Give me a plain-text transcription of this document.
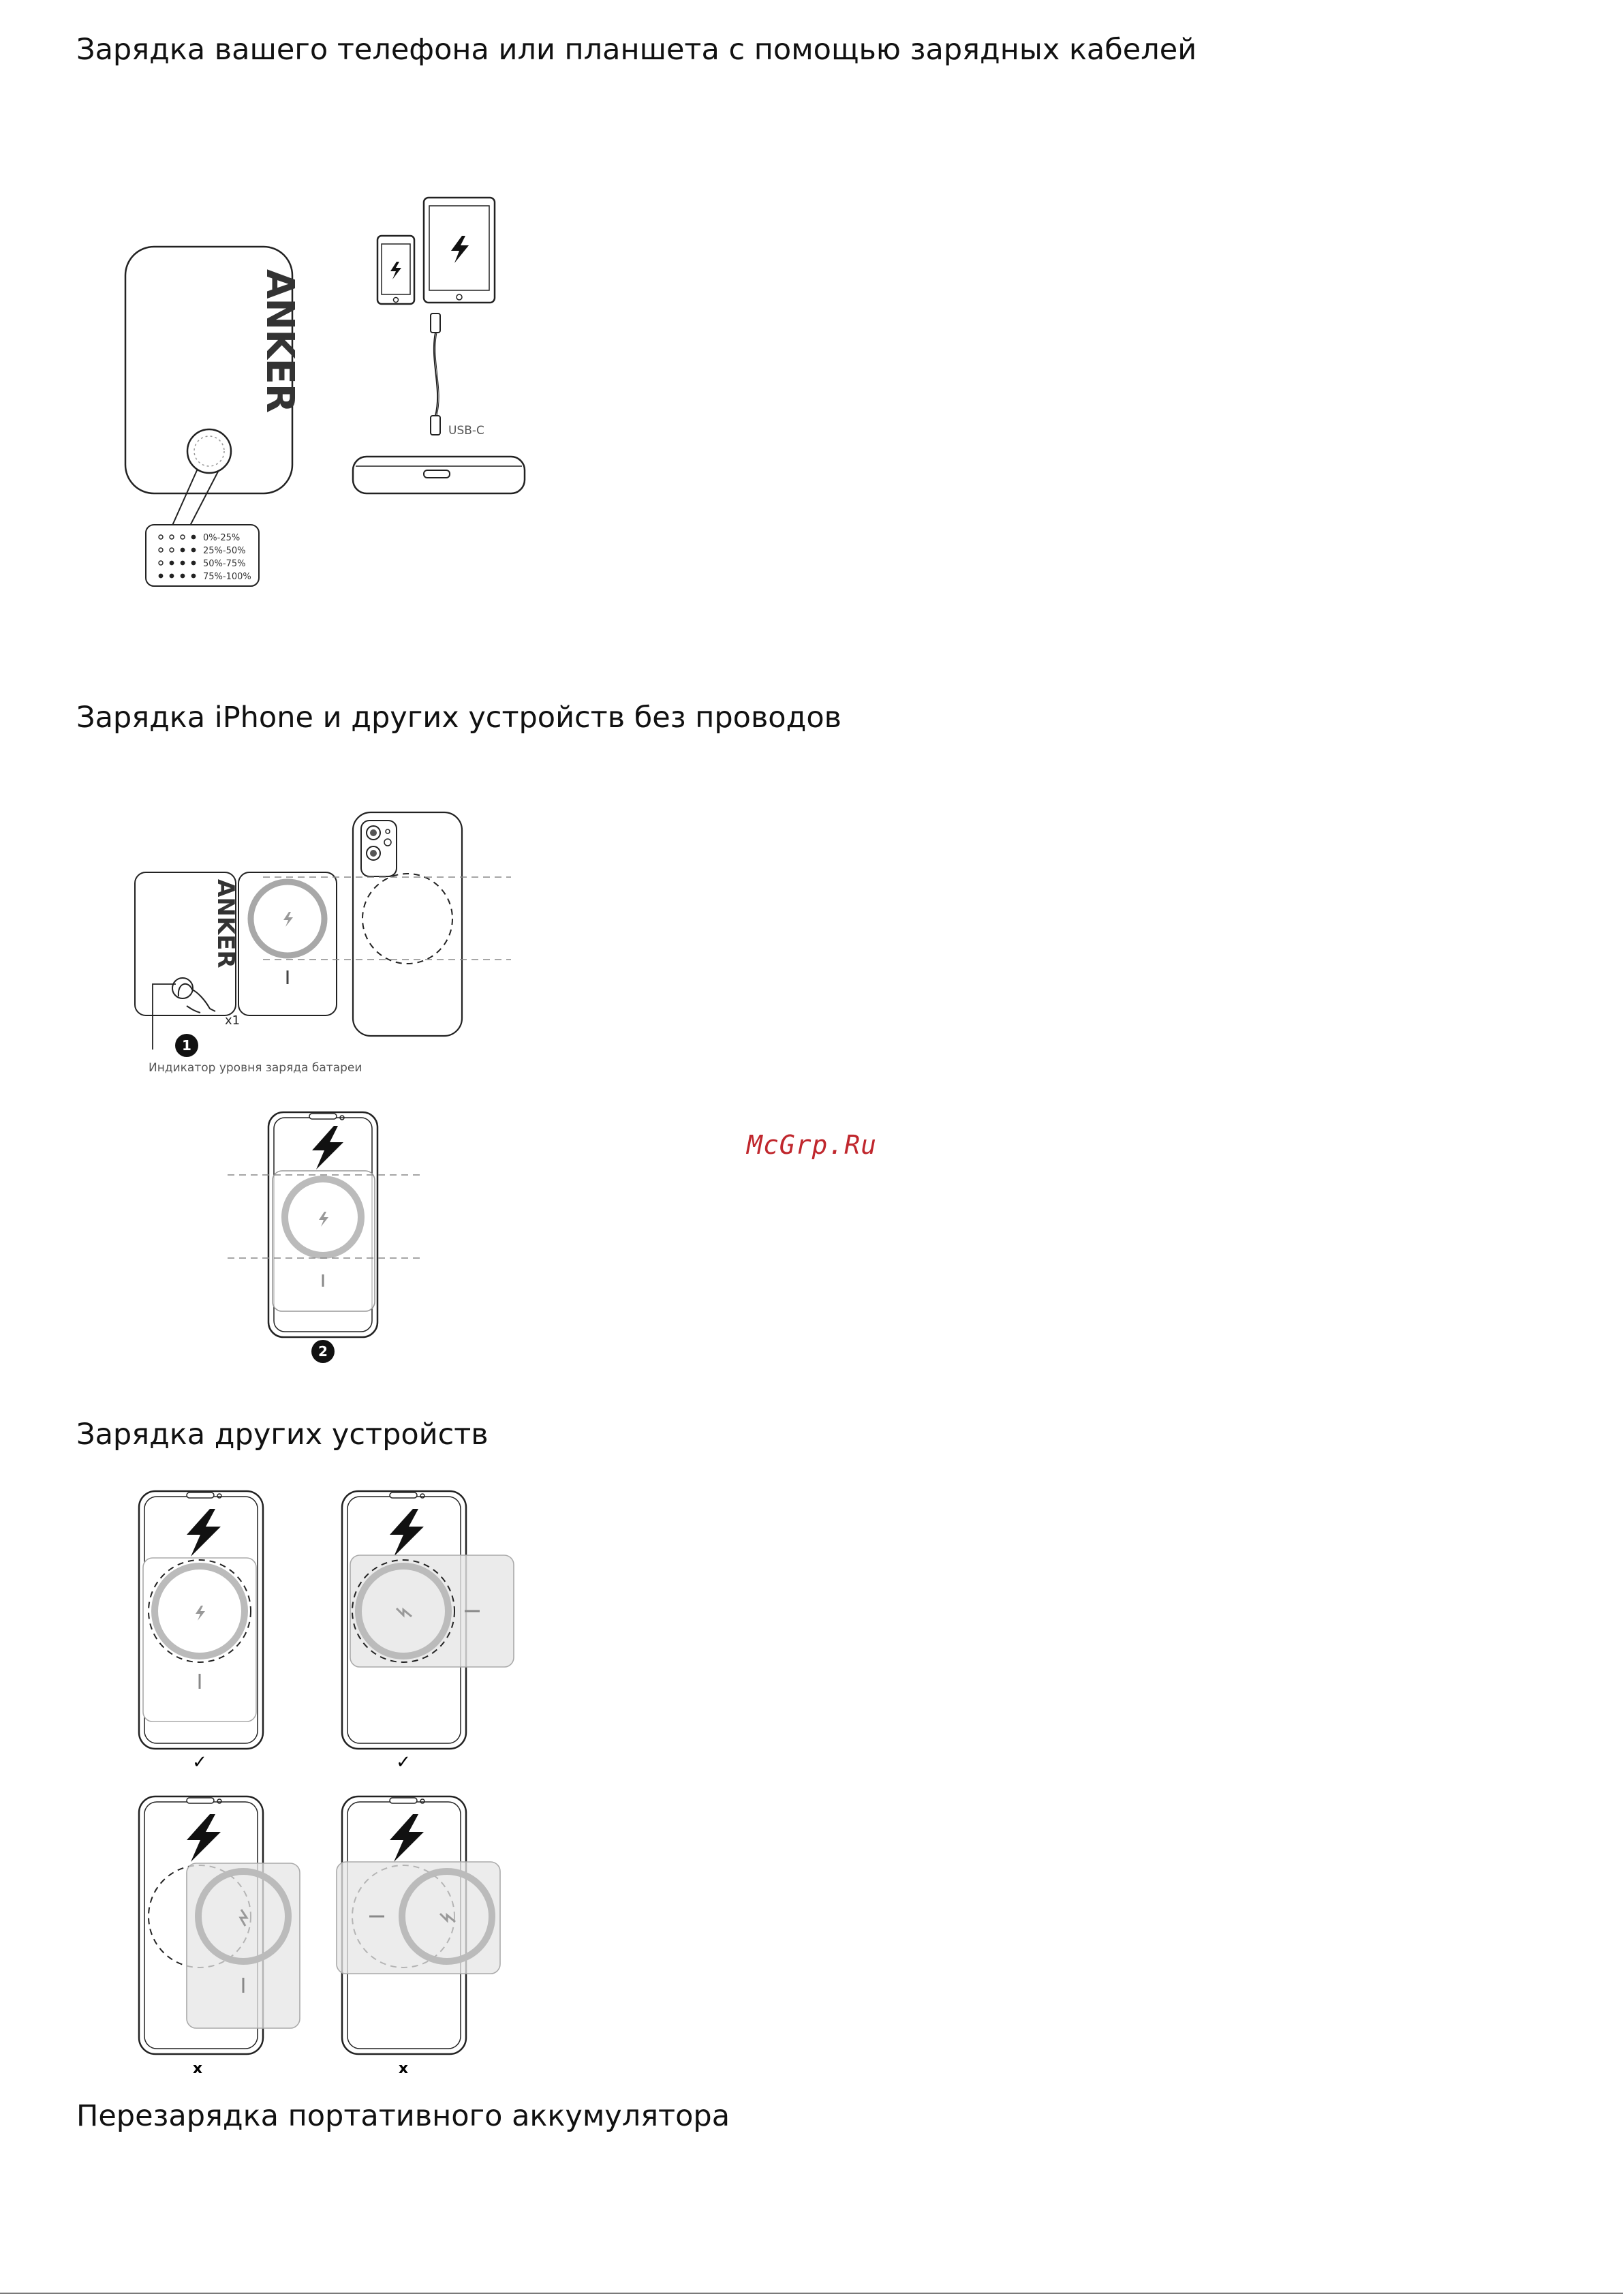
Зарядка вашего телефона или планшета с помощью зарядных кабелей
ANKER
0%-25%
25%-50%
50%-75%
75%-100%
USB-C
Зарядка iPhone и других устройств без проводов
ANKER
x1
1
Индикатор уровня заряда батареи
2
McGrp.Ru
Зарядка других устройств
✓	✓
x	x
Перезарядка портативного аккумулятора
